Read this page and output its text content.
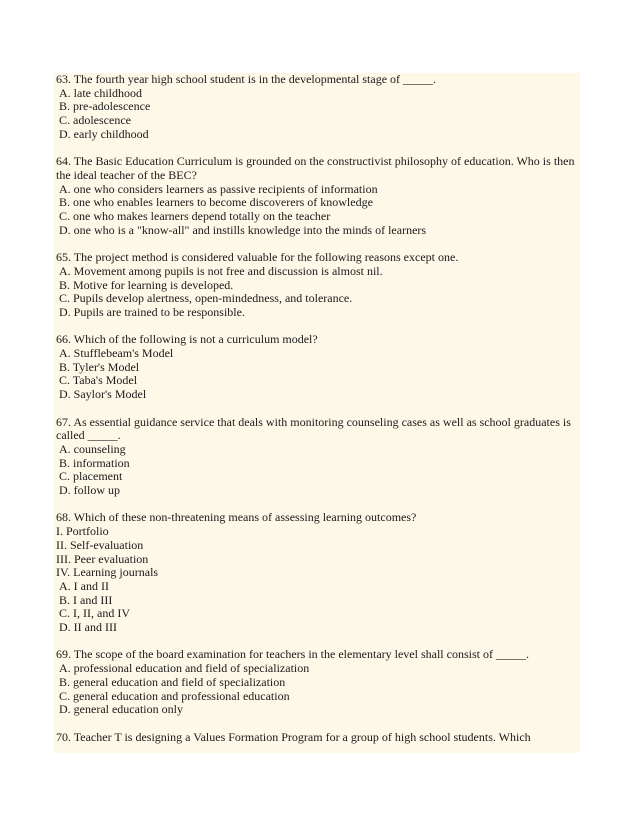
63. The fourth year high school student is in the developmental stage of _____.
A. late childhood
B. pre-adolescence
C. adolescence
D. early childhood
64. The Basic Education Curriculum is grounded on the constructivist philosophy of education. Who is then the ideal teacher of the BEC?
A. one who considers learners as passive recipients of information
B. one who enables learners to become discoverers of knowledge
C. one who makes learners depend totally on the teacher
D. one who is a "know-all" and instills knowledge into the minds of learners
65. The project method is considered valuable for the following reasons except one.
A. Movement among pupils is not free and discussion is almost nil.
B. Motive for learning is developed.
C. Pupils develop alertness, open-mindedness, and tolerance.
D. Pupils are trained to be responsible.
66. Which of the following is not a curriculum model?
A. Stufflebeam's Model
B. Tyler's Model
C. Taba's Model
D. Saylor's Model
67. As essential guidance service that deals with monitoring counseling cases as well as school graduates is called _____.
A. counseling
B. information
C. placement
D. follow up
68. Which of these non-threatening means of assessing learning outcomes?
I. Portfolio
II. Self-evaluation
III. Peer evaluation
IV. Learning journals
A. I and II
B. I and III
C. I, II, and IV
D. II and III
69. The scope of the board examination for teachers in the elementary level shall consist of _____.
A. professional education and field of specialization
B. general education and field of specialization
C. general education and professional education
D. general education only
70. Teacher T is designing a Values Formation Program for a group of high school students. Which
